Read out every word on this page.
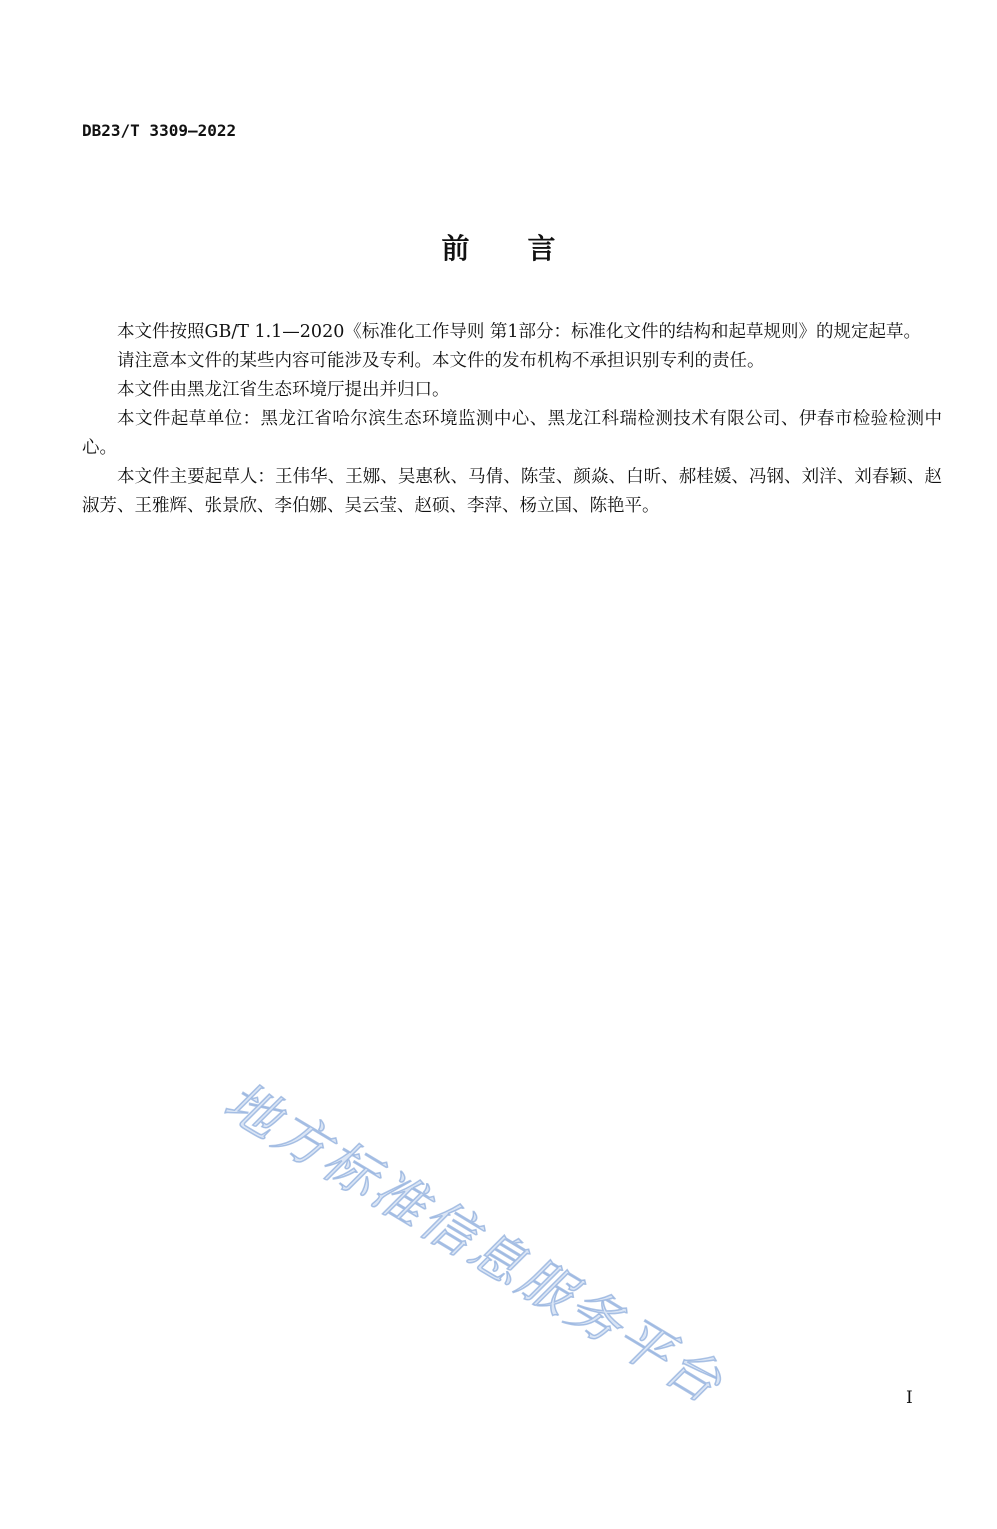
DB23/T 3309—2022
前言

本文件按照GB/T 1.1—2020《标准化工作导则 第1部分：标准化文件的结构和起草规则》的规定起草。

请注意本文件的某些内容可能涉及专利。本文件的发布机构不承担识别专利的责任。

本文件由黑龙江省生态环境厅提出并归口。

本文件起草单位：黑龙江省哈尔滨生态环境监测中心、黑龙江科瑞检测技术有限公司、伊春市检验检测中心。

本文件主要起草人：王伟华、王娜、吴惠秋、马倩、陈莹、颜焱、白昕、郝桂媛、冯钢、刘洋、刘春颖、赵淑芳、王雅辉、张景欣、李伯娜、吴云莹、赵硕、李萍、杨立国、陈艳平。

地方标准信息服务平台	I
